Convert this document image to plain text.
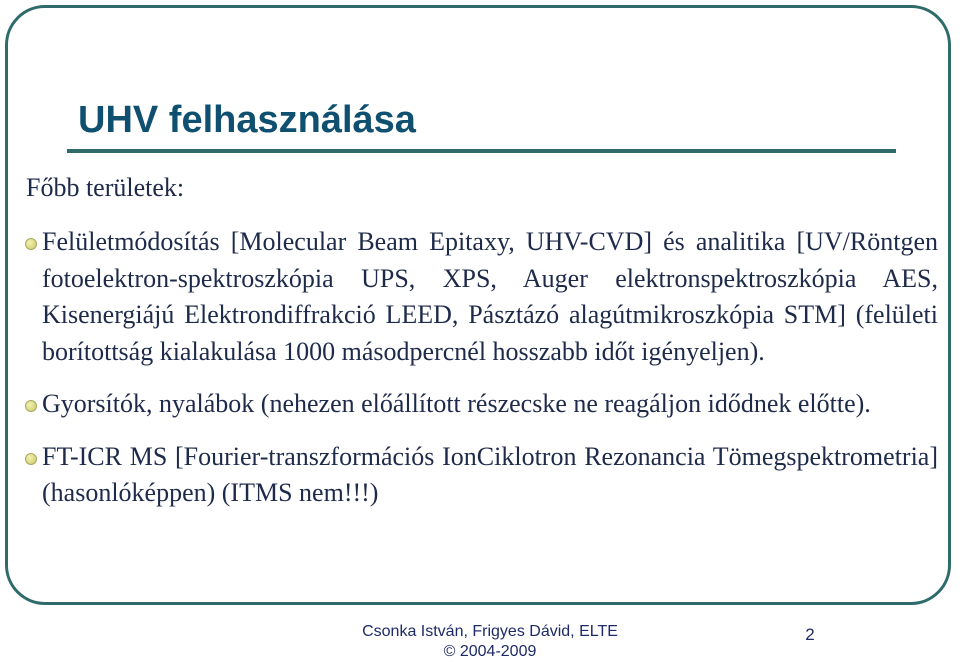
UHV felhasználása

Főbb területek:

Felületmódosítás [Molecular Beam Epitaxy, UHV-CVD] és analitika [UV/Röntgen fotoelektron-spektroszkópia UPS, XPS, Auger elektronspektroszkópia AES, Kisenergiájú Elektrondiffrakció LEED, Pásztázó alagútmikroszkópia STM] (felületi borítottság kialakulása 1000 másodpercnél hosszabb időt igényeljen).
Gyorsítók, nyalábok (nehezen előállított részecske ne reagáljon idődnek előtte).
FT-ICR MS [Fourier-transzformációs IonCiklotron Rezonancia Tömegspektrometria] (hasonlóképpen) (ITMS nem!!!)
Csonka István, Frigyes Dávid, ELTE
© 2004-2009
2
